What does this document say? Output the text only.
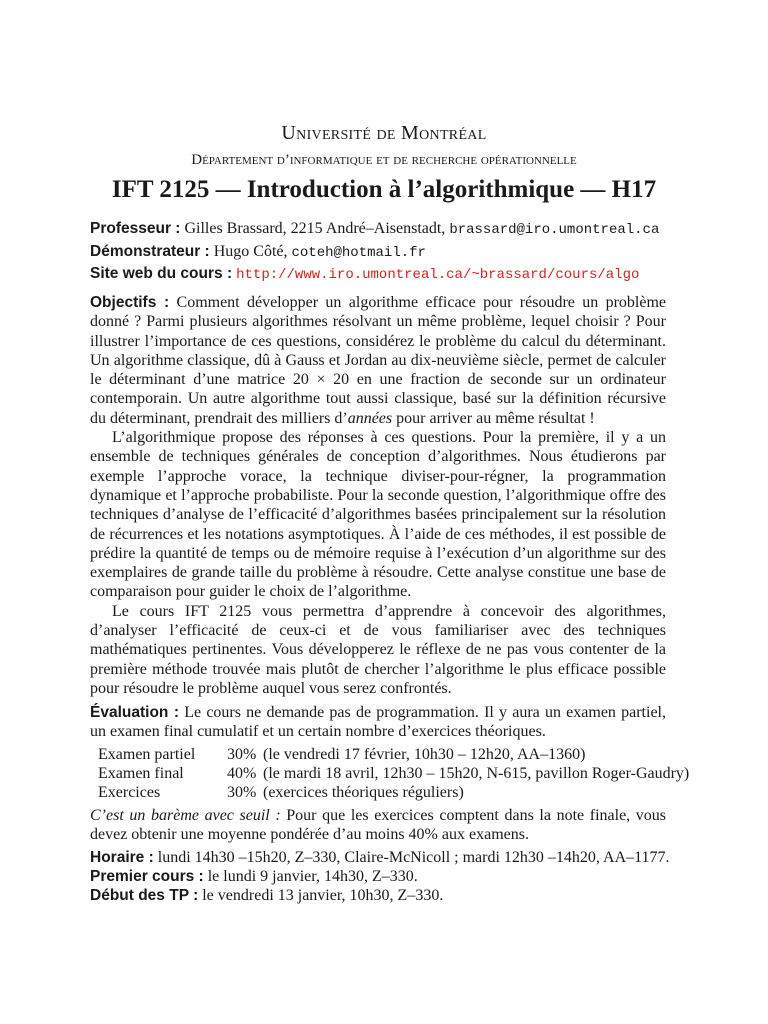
Université de Montréal
Département d’informatique et de recherche opérationnelle
IFT 2125 — Introduction à l’algorithmique — H17
Professeur : Gilles Brassard, 2215 André–Aisenstadt, brassard@iro.umontreal.ca
Démonstrateur : Hugo Côté, coteh@hotmail.fr
Site web du cours : http://www.iro.umontreal.ca/~brassard/cours/algo

Objectifs : Comment développer un algorithme efficace pour résoudre un problème donné ? Parmi plusieurs algorithmes résolvant un même problème, lequel choisir ? Pour illustrer l’importance de ces questions, considérez le problème du calcul du déterminant. Un algorithme classique, dû à Gauss et Jordan au dix-neuvième siècle, permet de calculer le déterminant d’une matrice 20 × 20 en une fraction de seconde sur un ordinateur contemporain. Un autre algorithme tout aussi classique, basé sur la définition récursive du déterminant, prendrait des milliers d’années pour arriver au même résultat !

L’algorithmique propose des réponses à ces questions. Pour la première, il y a un ensemble de techniques générales de conception d’algorithmes. Nous étudierons par exemple l’approche vorace, la technique diviser-pour-régner, la programmation dynamique et l’approche probabiliste. Pour la seconde question, l’algorithmique offre des techniques d’analyse de l’efficacité d’algorithmes basées principalement sur la résolution de récurrences et les notations asymptotiques. À l’aide de ces méthodes, il est possible de prédire la quantité de temps ou de mémoire requise à l’exécution d’un algorithme sur des exemplaires de grande taille du problème à résoudre. Cette analyse constitue une base de comparaison pour guider le choix de l’algorithme.

Le cours IFT 2125 vous permettra d’apprendre à concevoir des algorithmes, d’analyser l’efficacité de ceux-ci et de vous familiariser avec des techniques mathématiques pertinentes. Vous développerez le réflexe de ne pas vous contenter de la première méthode trouvée mais plutôt de chercher l’algorithme le plus efficace possible pour résoudre le problème auquel vous serez confrontés.

Évaluation : Le cours ne demande pas de programmation. Il y aura un examen partiel, un examen final cumulatif et un certain nombre d’exercices théoriques.

Examen partiel 30% (le vendredi 17 février, 10h30 – 12h20, AA–1360)
Examen final	40% (le mardi 18 avril, 12h30 – 15h20, N-615, pavillon Roger-Gaudry)
Exercices	30% (exercices théoriques réguliers)

C’est un barème avec seuil : Pour que les exercices comptent dans la note finale, vous devez obtenir une moyenne pondérée d’au moins 40% aux examens.

Horaire : lundi 14h30 –15h20, Z–330, Claire-McNicoll ; mardi 12h30 –14h20, AA–1177.
Premier cours : le lundi 9 janvier, 14h30, Z–330.
Début des TP : le vendredi 13 janvier, 10h30, Z–330.
